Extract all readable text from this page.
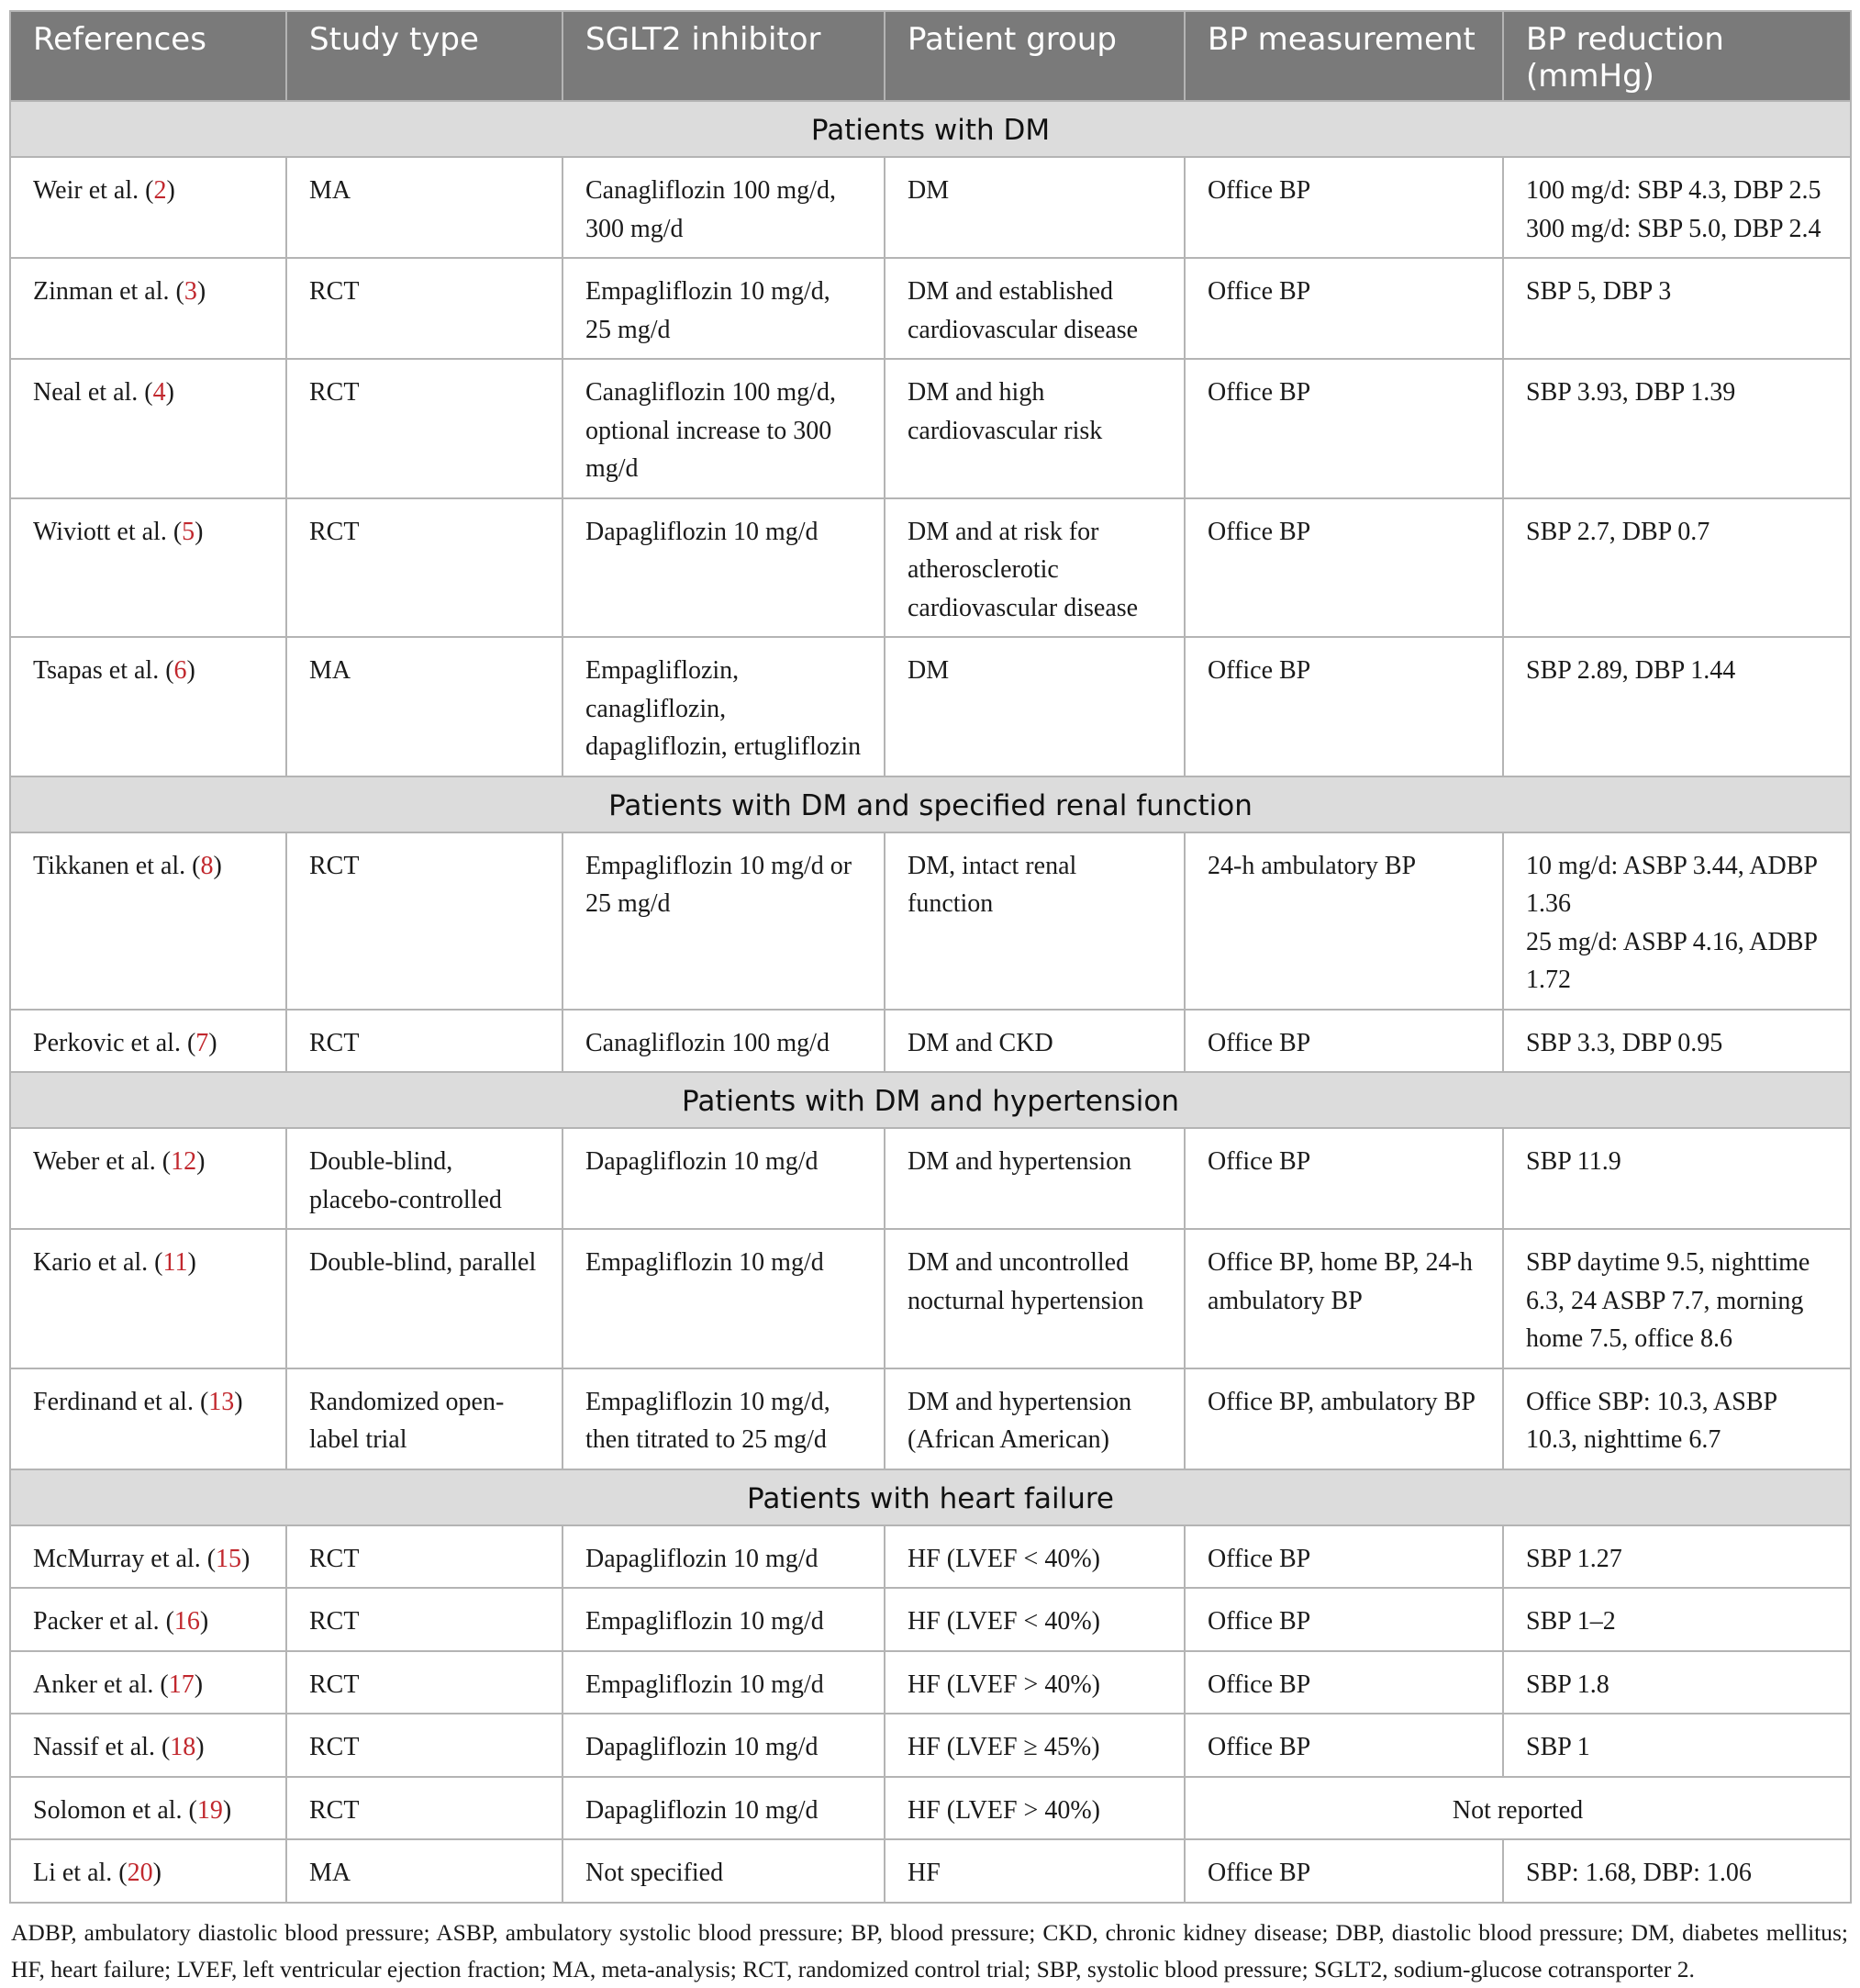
References	Study type	SGLT2 inhibitor	Patient group	BP measurement	BP reduction (mmHg)
Patients with DM					
Weir et al. (2)	MA	Canagliflozin 100 mg/d, 300 mg/d	DM	Office BP	100 mg/d: SBP 4.3, DBP 2.5
300 mg/d: SBP 5.0, DBP 2.4

Zinman et al. (3)	RCT	Empagliflozin 10 mg/d, 25 mg/d	DM and established cardiovascular disease	Office BP	SBP 5, DBP 3

Neal et al. (4)	RCT	Canagliflozin 100 mg/d, optional increase to 300 mg/d	DM and high cardiovascular risk	Office BP	SBP 3.93, DBP 1.39

Wiviott et al. (5)	RCT	Dapagliflozin 10 mg/d	DM and at risk for atherosclerotic cardiovascular disease	Office BP	SBP 2.7, DBP 0.7

Tsapas et al. (6)	MA	Empagliflozin, canagliflozin, dapagliflozin, ertugliflozin	DM	Office BP	SBP 2.89, DBP 1.44

Patients with DM and specified renal function					
Tikkanen et al. (8)	RCT	Empagliflozin 10 mg/d or 25 mg/d	DM, intact renal function	24-h ambulatory BP	10 mg/d: ASBP 3.44, ADBP 1.36
25 mg/d: ASBP 4.16, ADBP 1.72

Perkovic et al. (7)	RCT	Canagliflozin 100 mg/d	DM and CKD	Office BP	SBP 3.3, DBP 0.95

Patients with DM and hypertension					
Weber et al. (12)	Double-blind, placebo-controlled	Dapagliflozin 10 mg/d	DM and hypertension	Office BP	SBP 11.9

Kario et al. (11)	Double-blind, parallel	Empagliflozin 10 mg/d	DM and uncontrolled nocturnal hypertension	Office BP, home BP, 24-h ambulatory BP	SBP daytime 9.5, nighttime 6.3, 24 ASBP 7.7, morning home 7.5, office 8.6

Ferdinand et al. (13)	Randomized open-label trial	Empagliflozin 10 mg/d, then titrated to 25 mg/d	DM and hypertension (African American)	Office BP, ambulatory BP	Office SBP: 10.3, ASBP 10.3, nighttime 6.7

Patients with heart failure					
McMurray et al. (15)	RCT	Dapagliflozin 10 mg/d	HF (LVEF < 40%)	Office BP	SBP 1.27

Packer et al. (16)	RCT	Empagliflozin 10 mg/d	HF (LVEF < 40%)	Office BP	SBP 1–2

Anker et al. (17)	RCT	Empagliflozin 10 mg/d	HF (LVEF > 40%)	Office BP	SBP 1.8

Nassif et al. (18)	RCT	Dapagliflozin 10 mg/d	HF (LVEF ≥ 45%)	Office BP	SBP 1

Solomon et al. (19)	RCT	Dapagliflozin 10 mg/d	HF (LVEF > 40%)	Not reported	
Li et al. (20)	MA	Not specified	HF	Office BP	SBP: 1.68, DBP: 1.06
ADBP, ambulatory diastolic blood pressure; ASBP, ambulatory systolic blood pressure; BP, blood pressure; CKD, chronic kidney disease; DBP, diastolic blood pressure; DM, diabetes mellitus; HF, heart failure; LVEF, left ventricular ejection fraction; MA, meta-analysis; RCT, randomized control trial; SBP, systolic blood pressure; SGLT2, sodium-glucose cotransporter 2.
